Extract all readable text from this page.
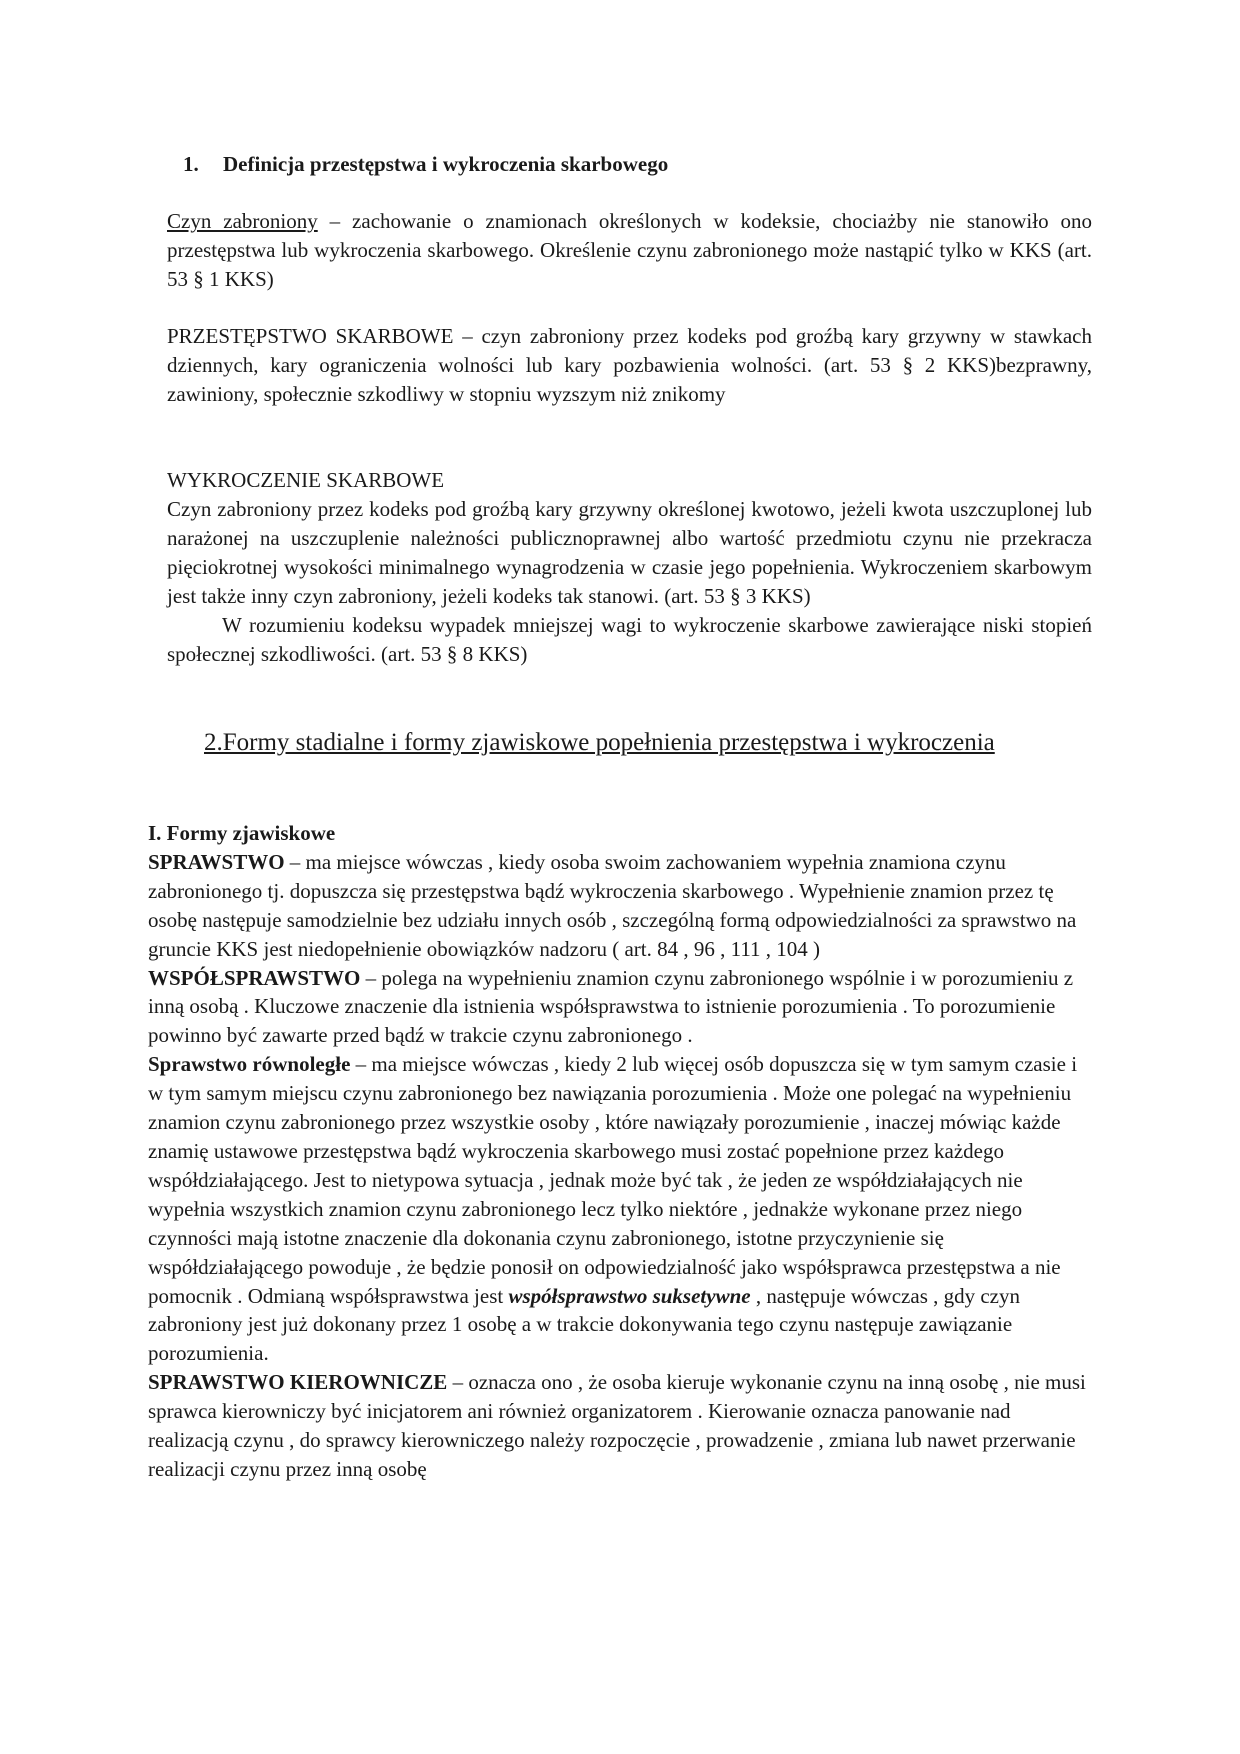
1. Definicja przestępstwa i wykroczenia skarbowego

Czyn zabroniony – zachowanie o znamionach określonych w kodeksie, chociażby nie stanowiło ono przestępstwa lub wykroczenia skarbowego. Określenie czynu zabronionego może nastąpić tylko w KKS (art. 53 § 1 KKS)

PRZESTĘPSTWO SKARBOWE – czyn zabroniony przez kodeks pod groźbą kary grzywny w stawkach dziennych, kary ograniczenia wolności lub kary pozbawienia wolności. (art. 53 § 2 KKS)bezprawny, zawiniony, społecznie szkodliwy w stopniu wyzszym niż znikomy

WYKROCZENIE SKARBOWE

Czyn zabroniony przez kodeks pod groźbą kary grzywny określonej kwotowo, jeżeli kwota uszczuplonej lub narażonej na uszczuplenie należności publicznoprawnej albo wartość przedmiotu czynu nie przekracza pięciokrotnej wysokości minimalnego wynagrodzenia w czasie jego popełnienia. Wykroczeniem skarbowym jest także inny czyn zabroniony, jeżeli kodeks tak stanowi. (art. 53 § 3 KKS)

W rozumieniu kodeksu wypadek mniejszej wagi to wykroczenie skarbowe zawierające niski stopień społecznej szkodliwości. (art. 53 § 8 KKS)

2.Formy stadialne i formy zjawiskowe popełnienia przestępstwa i wykroczenia

I. Formy zjawiskowe

SPRAWSTWO – ma miejsce wówczas , kiedy osoba swoim zachowaniem wypełnia znamiona czynu zabronionego tj. dopuszcza się przestępstwa bądź wykroczenia skarbowego . Wypełnienie znamion przez tę osobę następuje samodzielnie bez udziału innych osób , szczególną formą odpowiedzialności za sprawstwo na gruncie KKS jest niedopełnienie obowiązków nadzoru ( art. 84 , 96 , 111 , 104 )

WSPÓŁSPRAWSTWO – polega na wypełnieniu znamion czynu zabronionego wspólnie i w porozumieniu z inną osobą . Kluczowe znaczenie dla istnienia współsprawstwa to istnienie porozumienia . To porozumienie powinno być zawarte przed bądź w trakcie czynu zabronionego .

Sprawstwo równoległe – ma miejsce wówczas , kiedy 2 lub więcej osób dopuszcza się w tym samym czasie i w tym samym miejscu czynu zabronionego bez nawiązania porozumienia . Może one polegać na wypełnieniu znamion czynu zabronionego przez wszystkie osoby , które nawiązały porozumienie , inaczej mówiąc każde znamię ustawowe przestępstwa bądź wykroczenia skarbowego musi zostać popełnione przez każdego współdziałającego. Jest to nietypowa sytuacja , jednak może być tak , że jeden ze współdziałających nie wypełnia wszystkich znamion czynu zabronionego lecz tylko niektóre , jednakże wykonane przez niego czynności mają istotne znaczenie dla dokonania czynu zabronionego, istotne przyczynienie się współdziałającego powoduje , że będzie ponosił on odpowiedzialność jako współsprawca przestępstwa a nie pomocnik . Odmianą współsprawstwa jest współsprawstwo suksetywne , następuje wówczas , gdy czyn zabroniony jest już dokonany przez 1 osobę a w trakcie dokonywania tego czynu następuje zawiązanie porozumienia.

SPRAWSTWO KIEROWNICZE – oznacza ono , że osoba kieruje wykonanie czynu na inną osobę , nie musi sprawca kierowniczy być inicjatorem ani również organizatorem . Kierowanie oznacza panowanie nad realizacją czynu , do sprawcy kierowniczego należy rozpoczęcie , prowadzenie , zmiana lub nawet przerwanie realizacji czynu przez inną osobę
